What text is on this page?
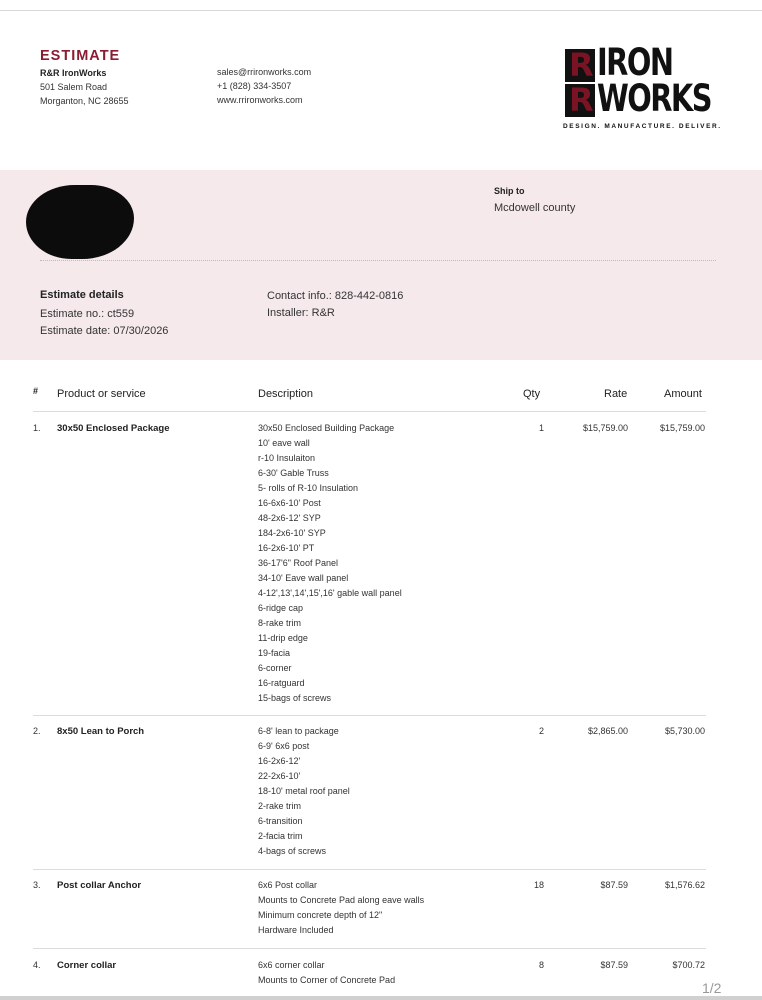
ESTIMATE
R&R IronWorks
501 Salem Road
Morganton, NC 28655
sales@rrironworks.com
+1 (828) 334-3507
www.rrironworks.com
R
R
IRON
WORKS
DESIGN. MANUFACTURE. DELIVER.
Ship to
Mcdowell county
Estimate details
Estimate no.: ct559
Estimate date: 07/30/2026
Contact info.: 828-442-0816
Installer: R&R
# Product or service	Description	Qty	Rate	Amount
1. 30x50 Enclosed Package	30x50 Enclosed Building Package
10' eave wall
r-10 Insulaiton
6-30' Gable Truss
5- rolls of R-10 Insulation
16-6x6-10' Post
48-2x6-12' SYP
184-2x6-10' SYP
16-2x6-10' PT
36-17'6" Roof Panel
34-10' Eave wall panel
4-12',13',14',15',16' gable wall panel
6-ridge cap
8-rake trim
11-drip edge
19-facia
6-corner
16-ratguard
15-bags of screws
1	$15,759.00	$15,759.00
2. 8x50 Lean to Porch	6-8' lean to package
6-9' 6x6 post
16-2x6-12'
22-2x6-10'
18-10' metal roof panel
2-rake trim
6-transition
2-facia trim
4-bags of screws
2	$2,865.00	$5,730.00
3. Post collar Anchor	6x6 Post collar
Mounts to Concrete Pad along eave walls
Minimum concrete depth of 12"
Hardware Included
18	$87.59	$1,576.62
4. Corner collar	6x6 corner collar
Mounts to Corner of Concrete Pad
8	$87.59	$700.72
1/2
